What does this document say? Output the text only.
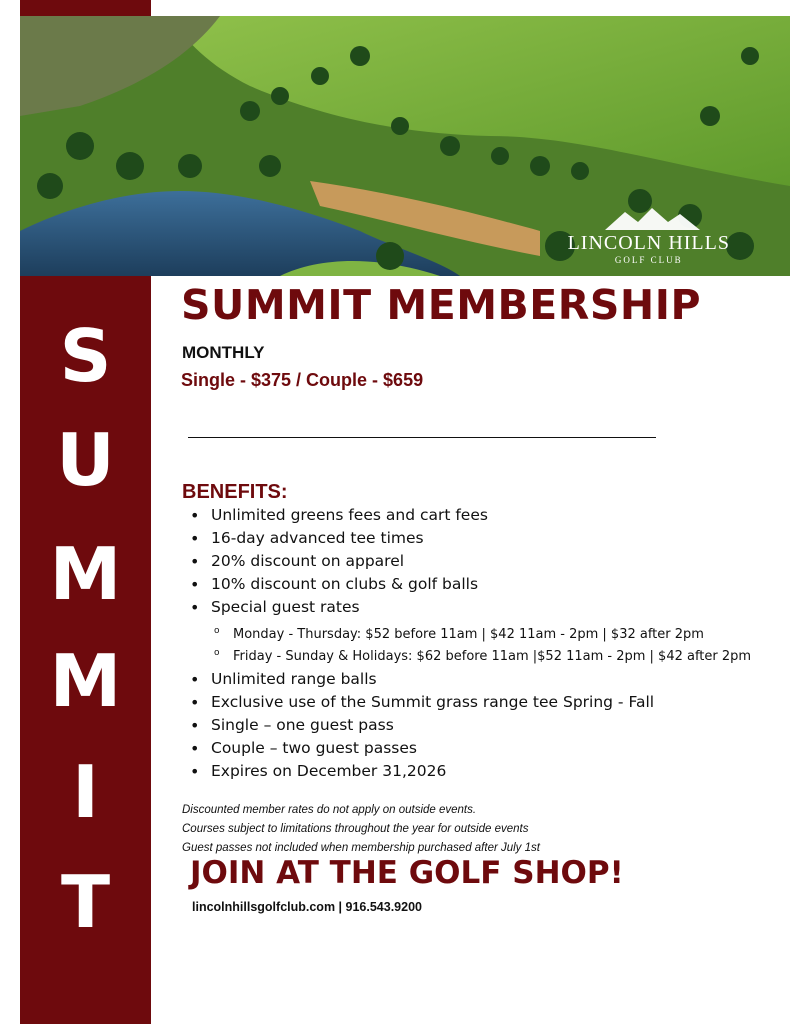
S
U
M
M
I
T
LINCOLN HILLS
GOLF CLUB
SUMMIT MEMBERSHIP
MONTHLY
Single - $375 / Couple - $659
BENEFITS:
• Unlimited greens fees and cart fees
• 16-day advanced tee times
• 20% discount on apparel
• 10% discount on clubs & golf balls
• Special guest rates
o Monday - Thursday: $52 before 11am | $42 11am - 2pm | $32 after 2pm
o Friday - Sunday & Holidays: $62 before 11am |$52 11am - 2pm | $42 after 2pm
• Unlimited range balls
• Exclusive use of the Summit grass range tee Spring - Fall
• Single – one guest pass
• Couple – two guest passes
• Expires on December 31,2026
Discounted member rates do not apply on outside events.
Courses subject to limitations throughout the year for outside events
Guest passes not included when membership purchased after July 1st
JOIN AT THE GOLF SHOP!
lincolnhillsgolfclub.com | 916.543.9200
